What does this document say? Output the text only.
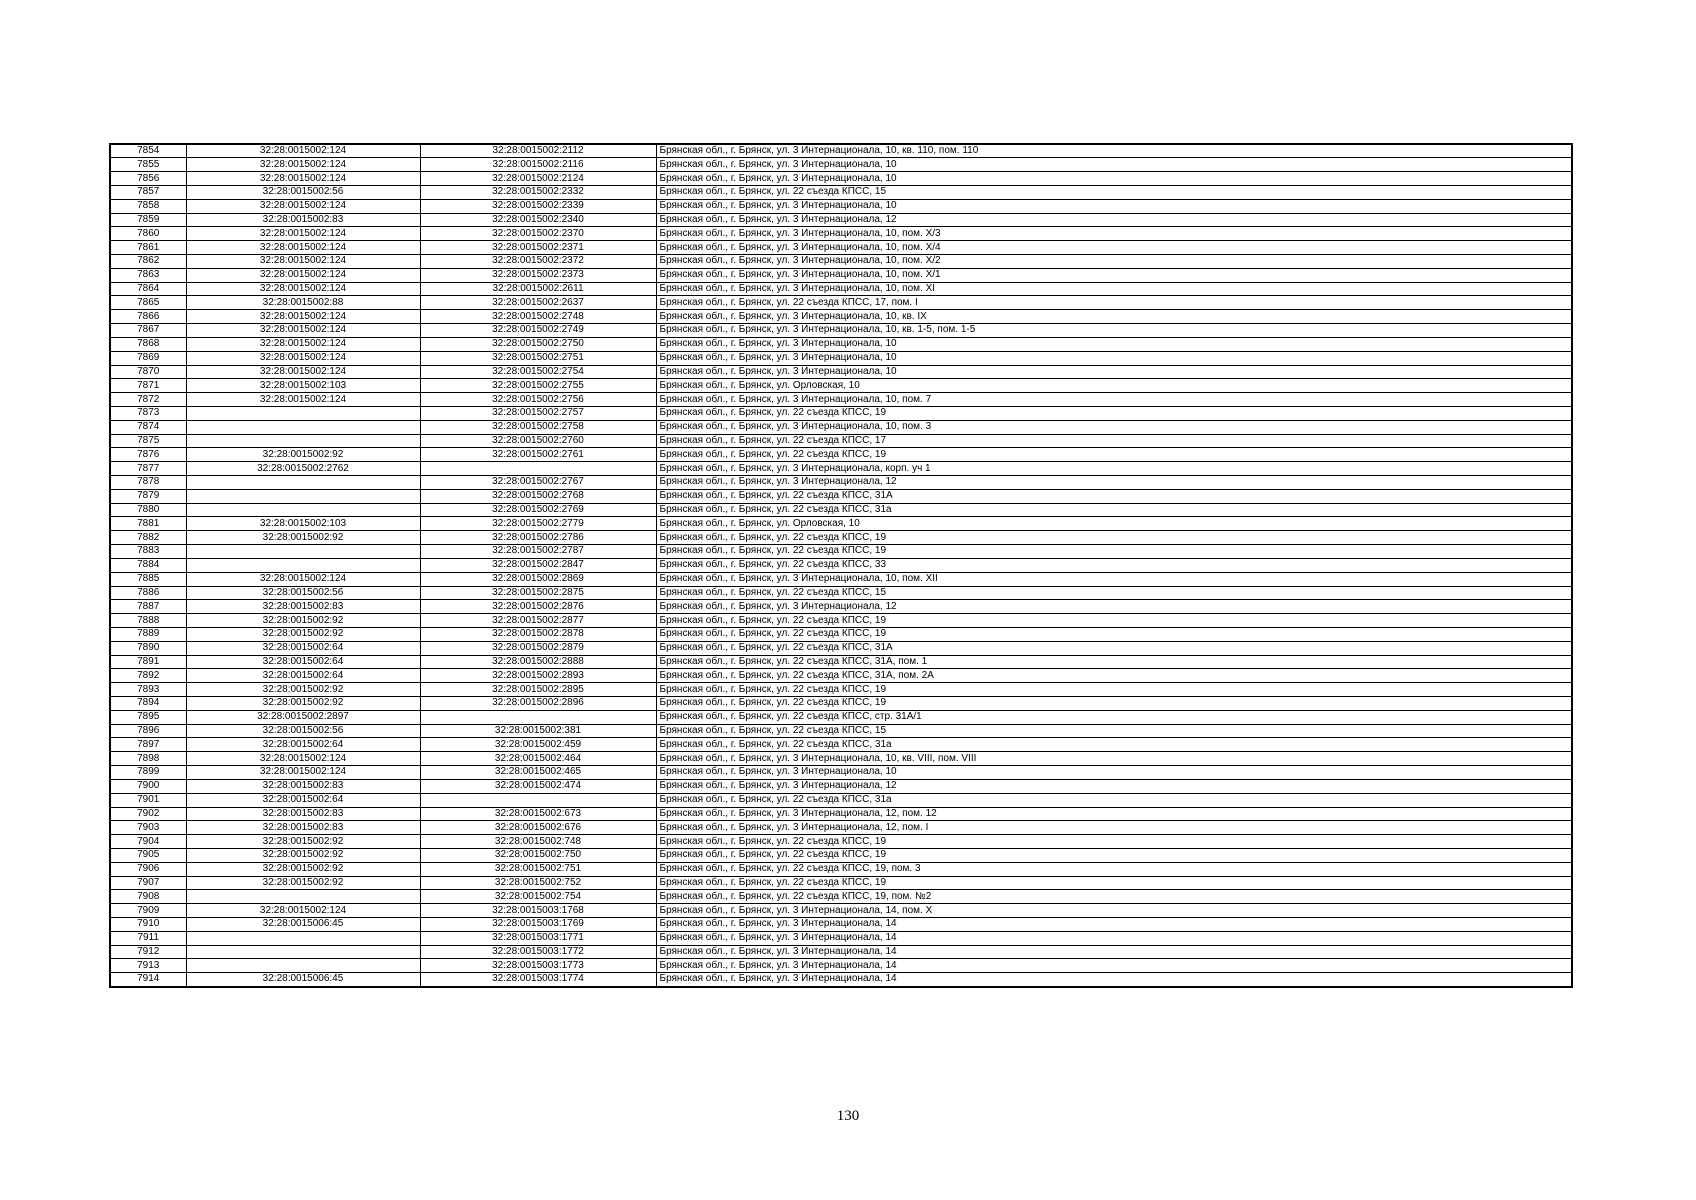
7854	32:28:0015002:124	32:28:0015002:2112	Брянская обл., г. Брянск, ул. 3 Интернационала, 10, кв. 110, пом. 110
7855	32:28:0015002:124	32:28:0015002:2116	Брянская обл., г. Брянск, ул. 3 Интернационала, 10
7856	32:28:0015002:124	32:28:0015002:2124	Брянская обл., г. Брянск, ул. 3 Интернационала, 10
7857	32:28:0015002:56	32:28:0015002:2332	Брянская обл., г. Брянск, ул. 22 съезда КПСС, 15
7858	32:28:0015002:124	32:28:0015002:2339	Брянская обл., г. Брянск, ул. 3 Интернационала, 10
7859	32:28:0015002:83	32:28:0015002:2340	Брянская обл., г. Брянск, ул. 3 Интернационала, 12
7860	32:28:0015002:124	32:28:0015002:2370	Брянская обл., г. Брянск, ул. 3 Интернационала, 10, пом. Х/3
7861	32:28:0015002:124	32:28:0015002:2371	Брянская обл., г. Брянск, ул. 3 Интернационала, 10, пом. Х/4
7862	32:28:0015002:124	32:28:0015002:2372	Брянская обл., г. Брянск, ул. 3 Интернационала, 10, пом. Х/2
7863	32:28:0015002:124	32:28:0015002:2373	Брянская обл., г. Брянск, ул. 3 Интернационала, 10, пом. Х/1
7864	32:28:0015002:124	32:28:0015002:2611	Брянская обл., г. Брянск, ул. 3 Интернационала, 10, пом. XI
7865	32:28:0015002:88	32:28:0015002:2637	Брянская обл., г. Брянск, ул. 22 съезда КПСС, 17, пом. I
7866	32:28:0015002:124	32:28:0015002:2748	Брянская обл., г. Брянск, ул. 3 Интернационала, 10, кв. IX
7867	32:28:0015002:124	32:28:0015002:2749	Брянская обл., г. Брянск, ул. 3 Интернационала, 10, кв. 1-5, пом. 1-5
7868	32:28:0015002:124	32:28:0015002:2750	Брянская обл., г. Брянск, ул. 3 Интернационала, 10
7869	32:28:0015002:124	32:28:0015002:2751	Брянская обл., г. Брянск, ул. 3 Интернационала, 10
7870	32:28:0015002:124	32:28:0015002:2754	Брянская обл., г. Брянск, ул. 3 Интернационала, 10
7871	32:28:0015002:103	32:28:0015002:2755	Брянская обл., г. Брянск, ул. Орловская, 10
7872	32:28:0015002:124	32:28:0015002:2756	Брянская обл., г. Брянск, ул. 3 Интернационала, 10, пом. 7
7873		32:28:0015002:2757	Брянская обл., г. Брянск, ул. 22 съезда КПСС, 19
7874		32:28:0015002:2758	Брянская обл., г. Брянск, ул. 3 Интернационала, 10, пом. 3
7875		32:28:0015002:2760	Брянская обл., г. Брянск, ул. 22 съезда КПСС, 17
7876	32:28:0015002:92	32:28:0015002:2761	Брянская обл., г. Брянск, ул. 22 съезда КПСС, 19
7877	32:28:0015002:2762		Брянская обл., г. Брянск, ул. 3 Интернационала, корп. уч 1
7878		32:28:0015002:2767	Брянская обл., г. Брянск, ул. 3 Интернационала, 12
7879		32:28:0015002:2768	Брянская обл., г. Брянск, ул. 22 съезда КПСС, 31А
7880		32:28:0015002:2769	Брянская обл., г. Брянск, ул. 22 съезда КПСС, 31а
7881	32:28:0015002:103	32:28:0015002:2779	Брянская обл., г. Брянск, ул. Орловская, 10
7882	32:28:0015002:92	32:28:0015002:2786	Брянская обл., г. Брянск, ул. 22 съезда КПСС, 19
7883		32:28:0015002:2787	Брянская обл., г. Брянск, ул. 22 съезда КПСС, 19
7884		32:28:0015002:2847	Брянская обл., г. Брянск, ул. 22 съезда КПСС, 33
7885	32:28:0015002:124	32:28:0015002:2869	Брянская обл., г. Брянск, ул. 3 Интернационала, 10, пом. XII
7886	32:28:0015002:56	32:28:0015002:2875	Брянская обл., г. Брянск, ул. 22 съезда КПСС, 15
7887	32:28:0015002:83	32:28:0015002:2876	Брянская обл., г. Брянск, ул. 3 Интернационала, 12
7888	32:28:0015002:92	32:28:0015002:2877	Брянская обл., г. Брянск, ул. 22 съезда КПСС, 19
7889	32:28:0015002:92	32:28:0015002:2878	Брянская обл., г. Брянск, ул. 22 съезда КПСС, 19
7890	32:28:0015002:64	32:28:0015002:2879	Брянская обл., г. Брянск, ул. 22 съезда КПСС, 31А
7891	32:28:0015002:64	32:28:0015002:2888	Брянская обл., г. Брянск, ул. 22 съезда КПСС, 31А, пом. 1
7892	32:28:0015002:64	32:28:0015002:2893	Брянская обл., г. Брянск, ул. 22 съезда КПСС, 31А, пом. 2А
7893	32:28:0015002:92	32:28:0015002:2895	Брянская обл., г. Брянск, ул. 22 съезда КПСС, 19
7894	32:28:0015002:92	32:28:0015002:2896	Брянская обл., г. Брянск, ул. 22 съезда КПСС, 19
7895	32:28:0015002:2897		Брянская обл., г. Брянск, ул. 22 съезда КПСС, стр. 31А/1
7896	32:28:0015002:56	32:28:0015002:381	Брянская обл., г. Брянск, ул. 22 съезда КПСС, 15
7897	32:28:0015002:64	32:28:0015002:459	Брянская обл., г. Брянск, ул. 22 съезда КПСС, 31а
7898	32:28:0015002:124	32:28:0015002:464	Брянская обл., г. Брянск, ул. 3 Интернационала, 10, кв. VIII, пом. VIII
7899	32:28:0015002:124	32:28:0015002:465	Брянская обл., г. Брянск, ул. 3 Интернационала, 10
7900	32:28:0015002:83	32:28:0015002:474	Брянская обл., г. Брянск, ул. 3 Интернационала, 12
7901	32:28:0015002:64		Брянская обл., г. Брянск, ул. 22 съезда КПСС, 31а
7902	32:28:0015002:83	32:28:0015002:673	Брянская обл., г. Брянск, ул. 3 Интернационала, 12, пом. 12
7903	32:28:0015002:83	32:28:0015002:676	Брянская обл., г. Брянск, ул. 3 Интернационала, 12, пом. I
7904	32:28:0015002:92	32:28:0015002:748	Брянская обл., г. Брянск, ул. 22 съезда КПСС, 19
7905	32:28:0015002:92	32:28:0015002:750	Брянская обл., г. Брянск, ул. 22 съезда КПСС, 19
7906	32:28:0015002:92	32:28:0015002:751	Брянская обл., г. Брянск, ул. 22 съезда КПСС, 19, пом. 3
7907	32:28:0015002:92	32:28:0015002:752	Брянская обл., г. Брянск, ул. 22 съезда КПСС, 19
7908		32:28:0015002:754	Брянская обл., г. Брянск, ул. 22 съезда КПСС, 19, пом. №2
7909	32:28:0015002:124	32:28:0015003:1768	Брянская обл., г. Брянск, ул. 3 Интернационала, 14, пом. Х
7910	32:28:0015006:45	32:28:0015003:1769	Брянская обл., г. Брянск, ул. 3 Интернационала, 14
7911		32:28:0015003:1771	Брянская обл., г. Брянск, ул. 3 Интернационала, 14
7912		32:28:0015003:1772	Брянская обл., г. Брянск, ул. 3 Интернационала, 14
7913		32:28:0015003:1773	Брянская обл., г. Брянск, ул. 3 Интернационала, 14
7914	32:28:0015006:45	32:28:0015003:1774	Брянская обл., г. Брянск, ул. 3 Интернационала, 14
130
